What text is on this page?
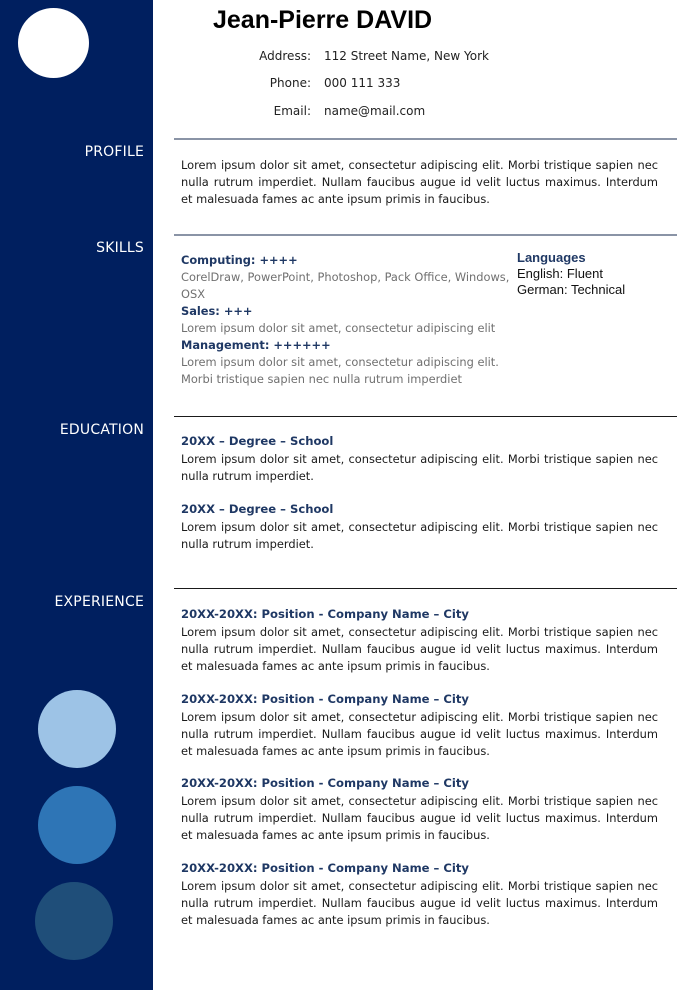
PROFILE
SKILLS
EDUCATION
EXPERIENCE
Jean-Pierre DAVID
Address: 112 Street Name, New York
Phone: 000 111 333
Email: name@mail.com
Lorem ipsum dolor sit amet, consectetur adipiscing elit. Morbi tristique sapien nec nulla rutrum imperdiet. Nullam faucibus augue id velit luctus maximus. Interdum et malesuada fames ac ante ipsum primis in faucibus.
Computing: ++++
CorelDraw, PowerPoint, Photoshop, Pack Office, Windows, OSX
Sales: +++
Lorem ipsum dolor sit amet, consectetur adipiscing elit
Management: ++++++
Lorem ipsum dolor sit amet, consectetur adipiscing elit. Morbi tristique sapien nec nulla rutrum imperdiet
Languages
English: Fluent
German: Technical
20XX – Degree – School
Lorem ipsum dolor sit amet, consectetur adipiscing elit. Morbi tristique sapien nec nulla rutrum imperdiet.
20XX – Degree – School
Lorem ipsum dolor sit amet, consectetur adipiscing elit. Morbi tristique sapien nec nulla rutrum imperdiet.
20XX-20XX: Position - Company Name – City
Lorem ipsum dolor sit amet, consectetur adipiscing elit. Morbi tristique sapien nec nulla rutrum imperdiet. Nullam faucibus augue id velit luctus maximus. Interdum et malesuada fames ac ante ipsum primis in faucibus.
20XX-20XX: Position - Company Name – City
Lorem ipsum dolor sit amet, consectetur adipiscing elit. Morbi tristique sapien nec nulla rutrum imperdiet. Nullam faucibus augue id velit luctus maximus. Interdum et malesuada fames ac ante ipsum primis in faucibus.
20XX-20XX: Position - Company Name – City
Lorem ipsum dolor sit amet, consectetur adipiscing elit. Morbi tristique sapien nec nulla rutrum imperdiet. Nullam faucibus augue id velit luctus maximus. Interdum et malesuada fames ac ante ipsum primis in faucibus.
20XX-20XX: Position - Company Name – City
Lorem ipsum dolor sit amet, consectetur adipiscing elit. Morbi tristique sapien nec nulla rutrum imperdiet. Nullam faucibus augue id velit luctus maximus. Interdum et malesuada fames ac ante ipsum primis in faucibus.
